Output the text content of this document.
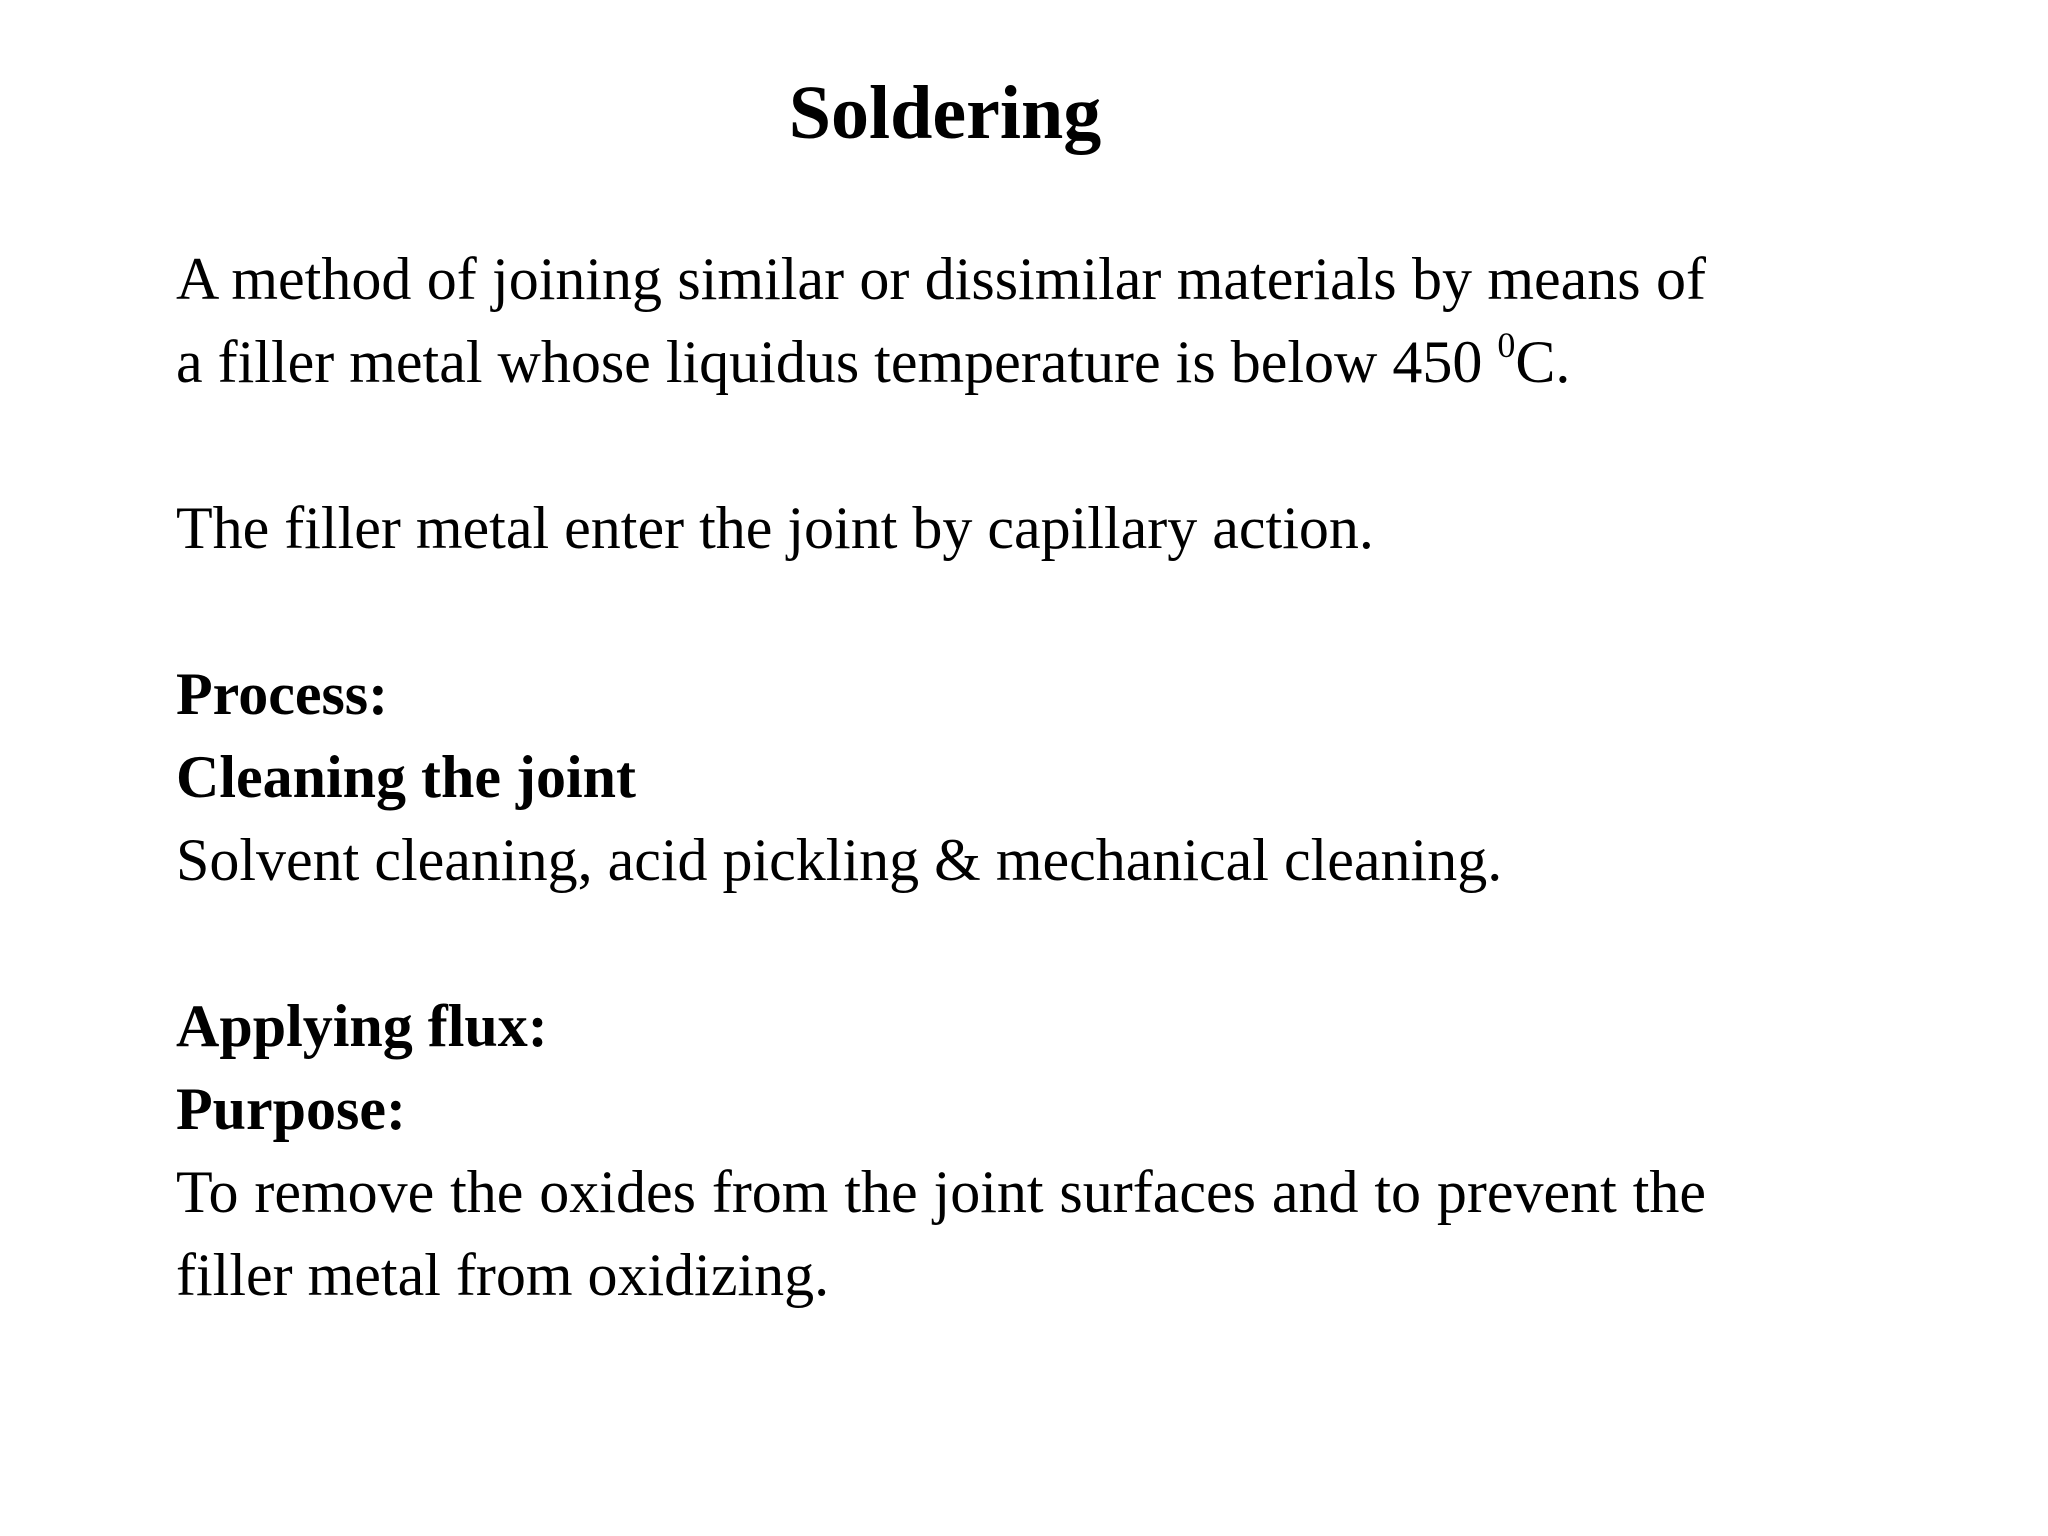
Soldering

A method of joining similar or dissimilar materials by means of a filler metal whose liquidus temperature is below 450 $^0$C.

The filler metal enter the joint by capillary action.

Process:

Cleaning the joint

Solvent cleaning, acid pickling & mechanical cleaning.

Applying flux:

Purpose:

To remove the oxides from the joint surfaces and to prevent the filler metal from oxidizing.
